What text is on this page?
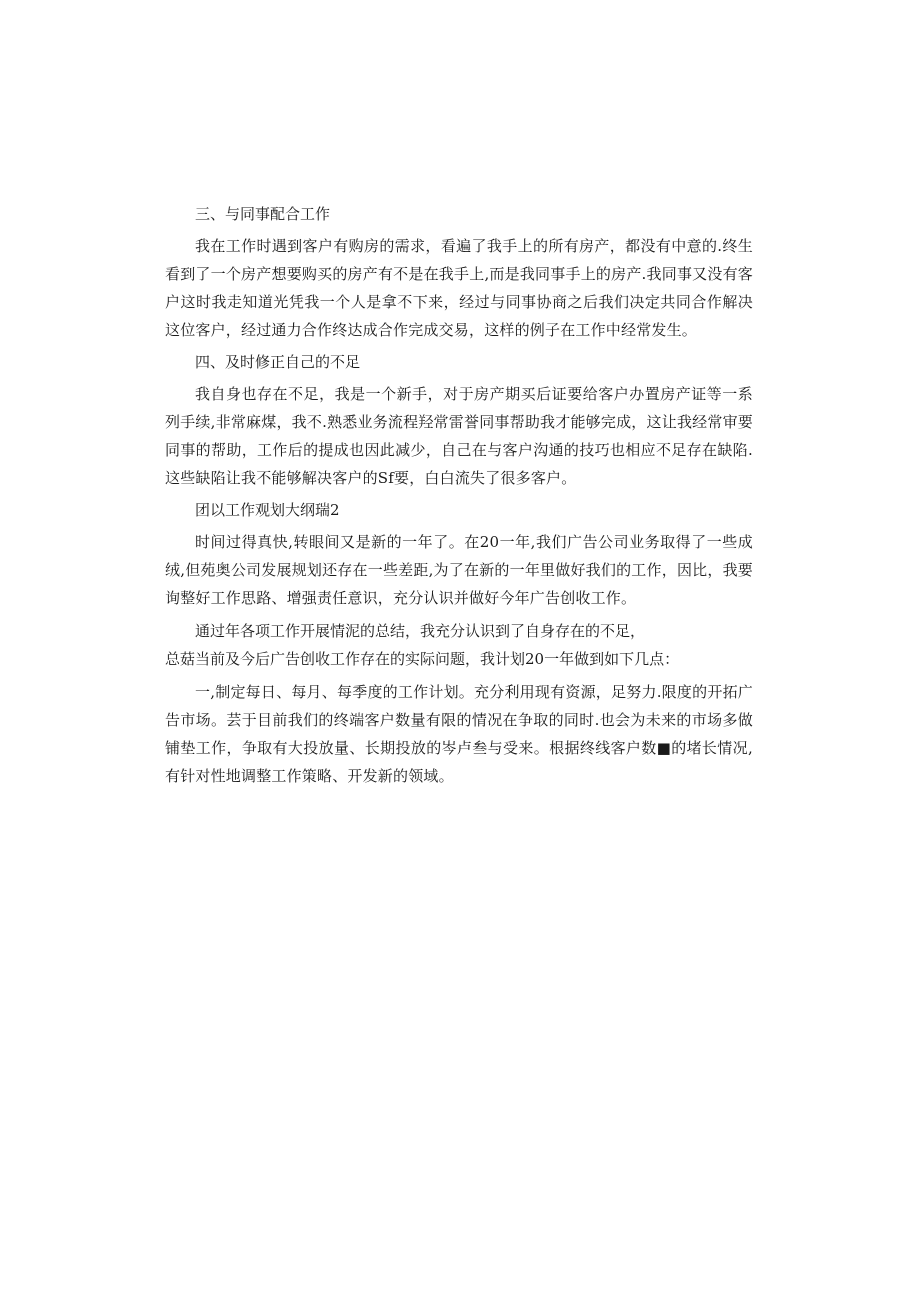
三、与同事配合工作

我在工作时遇到客户有购房的需求，看遍了我手上的所有房产，都没有中意的.终生看到了一个房产想要购买的房产有不是在我手上,而是我同事手上的房产.我同事又没有客户这时我走知道光凭我一个人是拿不下来，经过与同事协商之后我们决定共同合作解决这位客户，经过通力合作终达成合作完成交易，这样的例子在工作中经常发生。

四、及时修正自己的不足

我自身也存在不足，我是一个新手，对于房产期买后证要给客户办置房产证等一系列手续,非常麻煤，我不.熟悉业务流程羟常雷誉同事帮助我才能够完成，这让我经常审要同事的帮助，工作后的提成也因此减少，自己在与客户沟通的技巧也相应不足存在缺陷.这些缺陷让我不能够解决客户的Sf要，白白流失了很多客户。

团以工作观划大纲瑞2

时间过得真快,转眼间又是新的一年了。在20一年,我们广告公司业务取得了一些成绒,但苑奥公司发展规划还存在一些差距,为了在新的一年里做好我们的工作，因比，我要询整好工作思路、增强责任意识，充分认识并做好今年广告创收工作。

通过年各项工作开展情泥的总结，我充分认识到了自身存在的不足，

总菇当前及今后广告创收工作存在的实际问题，我计划20一年做到如下几点：

一,制定每日、每月、每季度的工作计划。充分利用现有资源，足努力.限度的开拓广告市场。芸于目前我们的终端客户数量有限的情况在争取的同时.也会为未来的市场多做铺垫工作，争取有大投放量、长期投放的岑卢叁与受来。根据终线客户数■的堵长情况,有针对性地调整工作策略、开发新的领域。
